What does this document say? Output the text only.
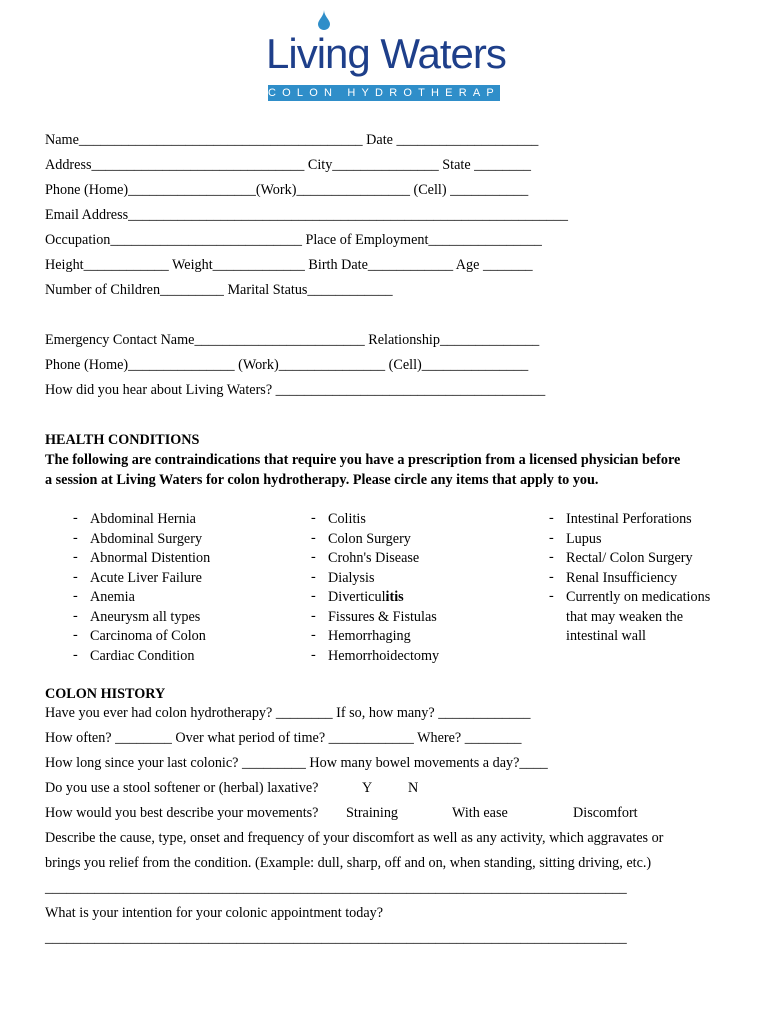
Living Waters
COLON HYDROTHERAPY
Name________________________________________ Date ____________________
Address______________________________ City_______________ State ________
Phone (Home)__________________(Work)________________ (Cell) ___________
Email Address______________________________________________________________
Occupation___________________________ Place of Employment________________
Height____________ Weight_____________ Birth Date____________ Age _______
Number of Children_________ Marital Status____________
Emergency Contact Name________________________ Relationship______________
Phone (Home)_______________ (Work)_______________ (Cell)_______________
How did you hear about Living Waters? ______________________________________
HEALTH CONDITIONS
The following are contraindications that require you have a prescription from a licensed physician before
a session at Living Waters for colon hydrotherapy. Please circle any items that apply to you.
- Abdominal Hernia
- Abdominal Surgery
- Abnormal Distention
- Acute Liver Failure
- Anemia
- Aneurysm all types
- Carcinoma of Colon
- Cardiac Condition
- Colitis
- Colon Surgery
- Crohn's Disease
- Dialysis
- Diverticulitis
- Fissures & Fistulas
- Hemorrhaging
- Hemorrhoidectomy
- Intestinal Perforations
- Lupus
- Rectal/ Colon Surgery
- Renal Insufficiency
- Currently on medications
that may weaken the
intestinal wall
COLON HISTORY
Have you ever had colon hydrotherapy? ________ If so, how many? _____________
How often? ________ Over what period of time? ____________ Where? ________
How long since your last colonic? _________ How many bowel movements a day?____
Do you use a stool softener or (herbal) laxative?	Y	N
How would you best describe your movements? Straining	With ease	Discomfort
Describe the cause, type, onset and frequency of your discomfort as well as any activity, which aggravates or
brings you relief from the condition. (Example: dull, sharp, off and on, when standing, sitting driving, etc.)
__________________________________________________________________________________
What is your intention for your colonic appointment today?
__________________________________________________________________________________
